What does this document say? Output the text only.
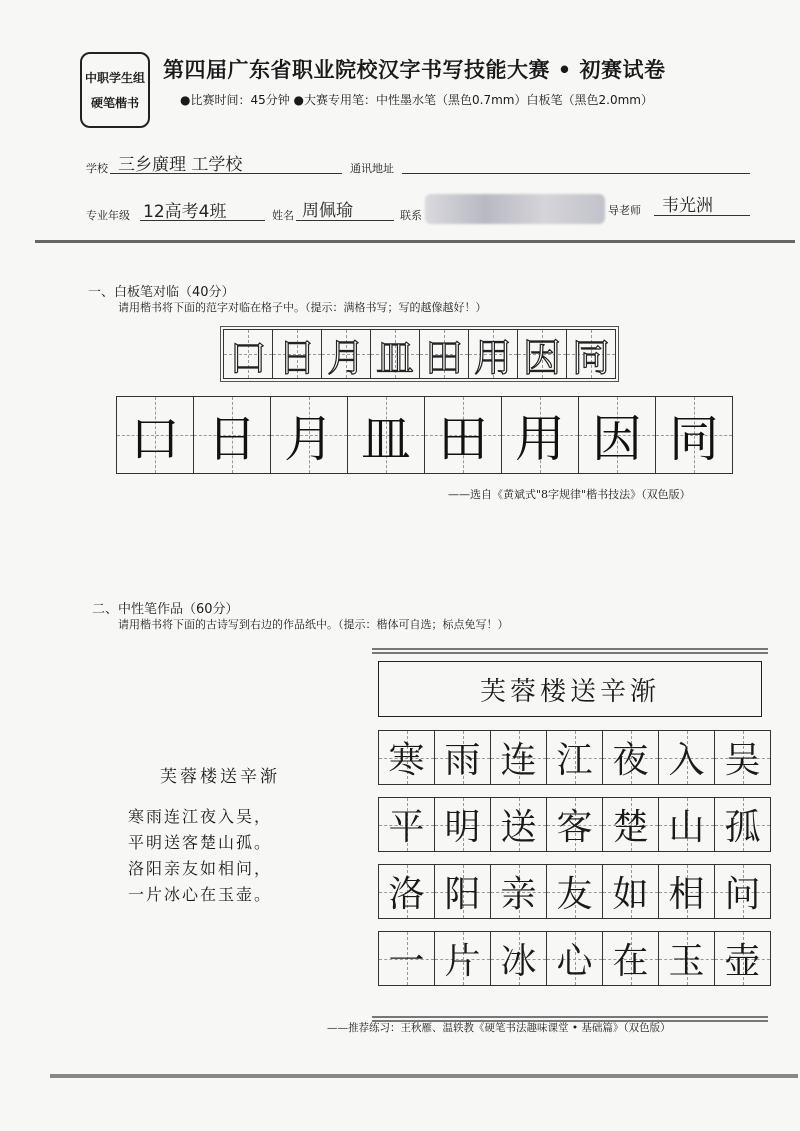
中职学生组
硬笔楷书
第四届广东省职业院校汉字书写技能大赛 • 初赛试卷
●比赛时间：45分钟 ●大赛专用笔：中性墨水笔（黑色0.7mm）白板笔（黑色2.0mm）
学校 三乡廣理 工学校	通讯地址
专业年级 12高考4班	姓名 周佩瑜	联系	导老师 韦光洲
一、白板笔对临（40分）
请用楷书将下面的范字对临在格子中。（提示：满格书写；写的越像越好！）
口 日 月 皿 田 用 因 同
口 日 月 皿 田 用 因 同
——选自《黄斌式"8字规律"楷书技法》（双色版）
二、中性笔作品（60分）
请用楷书将下面的古诗写到右边的作品纸中。（提示：楷体可自选；标点免写！）
芙蓉楼送辛渐
寒雨连江夜入吴，
平明送客楚山孤。
洛阳亲友如相问，
一片冰心在玉壶。
芙蓉楼送辛渐
寒 雨 连 江 夜 入 吴
平 明 送 客 楚 山 孤
洛 阳 亲 友 如 相 问
一 片 冰 心 在 玉 壶
——推荐练习：王秋雁、温轶教《硬笔书法趣味课堂 • 基础篇》（双色版）
